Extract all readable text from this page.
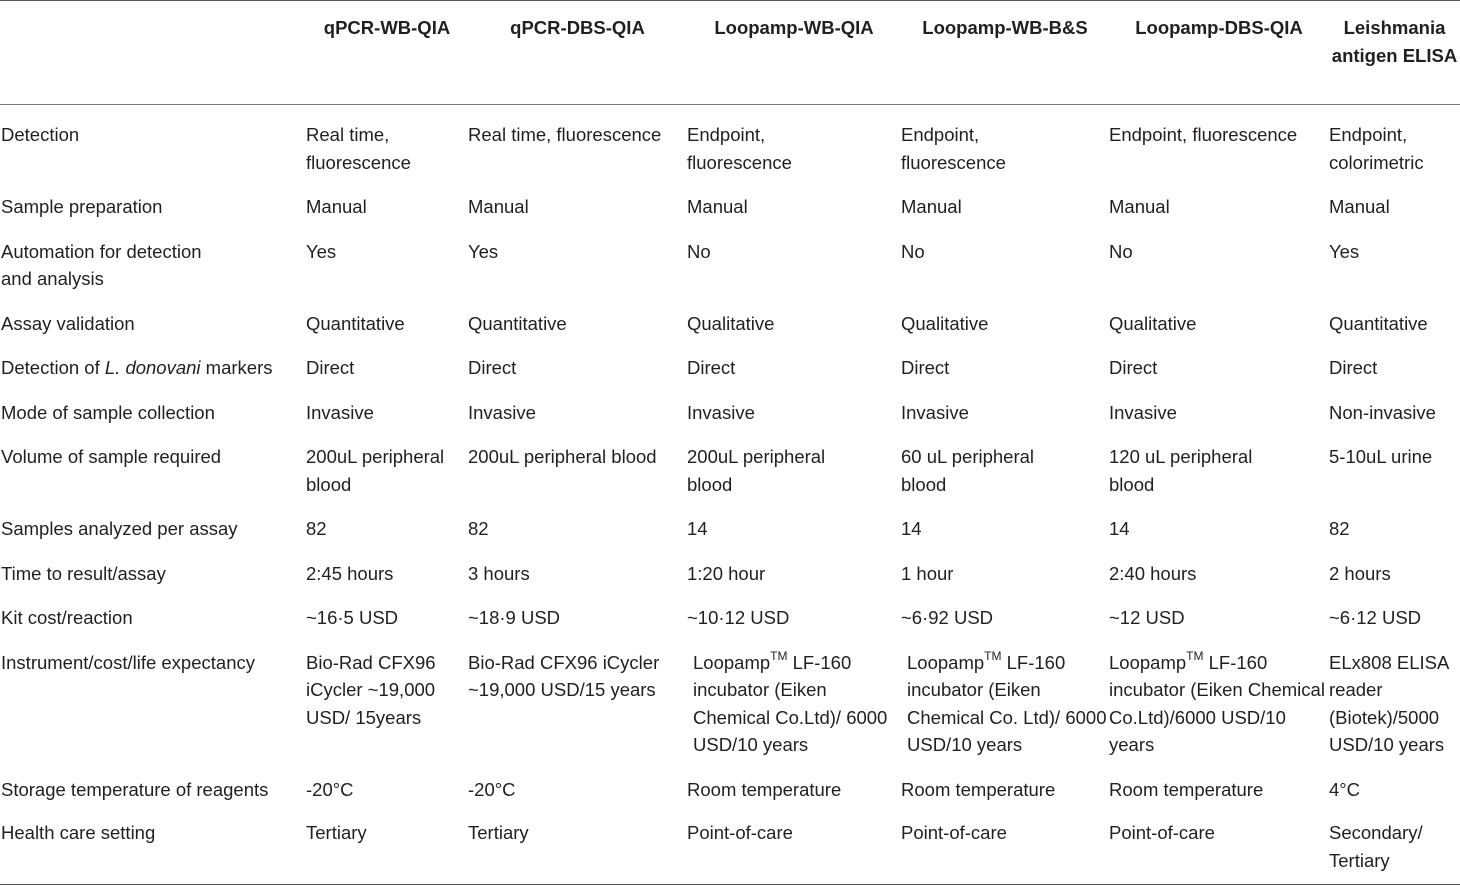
	qPCR-WB-QIA	qPCR-DBS-QIA	Loopamp-WB-QIA	Loopamp-WB-B&S	Loopamp-DBS-QIA	Leishmania antigen ELISA
Detection	Real time, fluorescence	Real time, fluorescence	Endpoint, fluorescence	Endpoint, fluorescence	Endpoint, fluorescence	Endpoint, colorimetric
Sample preparation	Manual	Manual	Manual	Manual	Manual	Manual
Automation for detection and analysis	Yes	Yes	No	No	No	Yes
Assay validation	Quantitative	Quantitative	Qualitative	Qualitative	Qualitative	Quantitative
Detection of L. donovani markers	Direct	Direct	Direct	Direct	Direct	Direct
Mode of sample collection	Invasive	Invasive	Invasive	Invasive	Invasive	Non-invasive
Volume of sample required	200uL peripheral blood	200uL peripheral blood	200uL peripheral blood	60 uL peripheral blood	120 uL peripheral blood	5-10uL urine
Samples analyzed per assay	82	82	14	14	14	82
Time to result/assay	2:45 hours	3 hours	1:20 hour	1 hour	2:40 hours	2 hours
Kit cost/reaction	~16·5 USD	~18·9 USD	~10·12 USD	~6·92 USD	~12 USD	~6·12 USD
Instrument/cost/life expectancy	Bio-Rad CFX96 iCycler ~19,000 USD/ 15years	Bio-Rad CFX96 iCycler ~19,000 USD/15 years	Loopamp™ LF-160 incubator (Eiken Chemical Co.Ltd)/ 6000 USD/10 years	Loopamp™ LF-160 incubator (Eiken Chemical Co. Ltd)/ 6000 USD/10 years	Loopamp™ LF-160 incubator (Eiken Chemical Co.Ltd)/6000 USD/10 years	ELx808 ELISA reader (Biotek)/5000 USD/10 years
Storage temperature of reagents	-20°C	-20°C	Room temperature	Room temperature	Room temperature	4°C
Health care setting	Tertiary	Tertiary	Point-of-care	Point-of-care	Point-of-care	Secondary/ Tertiary
